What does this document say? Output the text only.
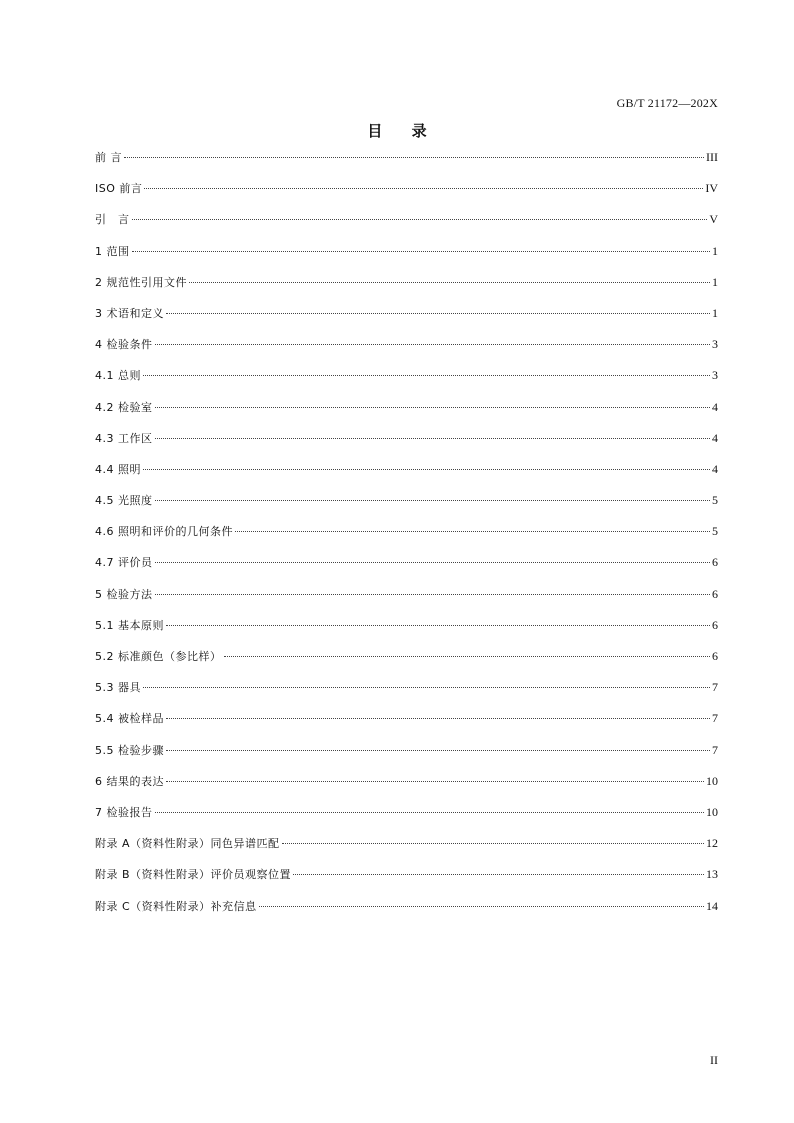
GB/T 21172—202X
目 录
前 言	III
ISO 前言	IV
引　言	V
1 范围	1
2 规范性引用文件	1
3 术语和定义	1
4 检验条件	3
4.1 总则	3
4.2 检验室	4
4.3 工作区	4
4.4 照明	4
4.5 光照度	5
4.6 照明和评价的几何条件	5
4.7 评价员	6
5 检验方法	6
5.1 基本原则	6
5.2 标准颜色（参比样）	6
5.3 器具	7
5.4 被检样品	7
5.5 检验步骤	7
6 结果的表达	10
7 检验报告	10
附录 A（资料性附录）同色异谱匹配	12
附录 B（资料性附录）评价员观察位置	13
附录 C（资料性附录）补充信息	14
II
